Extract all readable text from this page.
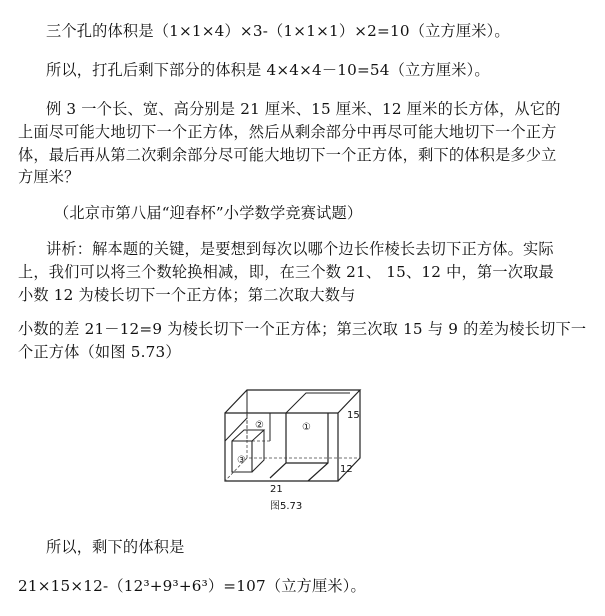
三个孔的体积是（1×1×4）×3-（1×1×1）×2=10（立方厘米）。
所以，打孔后剩下部分的体积是 4×4×4－10=54（立方厘米）。
例 3 一个长、宽、高分别是 21 厘米、15 厘米、12 厘米的长方体，从它的
上面尽可能大地切下一个正方体，然后从剩余部分中再尽可能大地切下一个正方
体，最后再从第二次剩余部分尽可能大地切下一个正方体，剩下的体积是多少立
方厘米？
（北京市第八届“迎春杯”小学数学竞赛试题）
讲析：解本题的关键，是要想到每次以哪个边长作棱长去切下正方体。实际
上，我们可以将三个数轮换相减，即，在三个数 21、 15、12 中，第一次取最
小数 12 为棱长切下一个正方体；第二次取大数与
小数的差 21－12=9 为棱长切下一个正方体；第三次取 15 与 9 的差为棱长切下一
个正方体（如图 5.73）
②	①
③
15
12
21
图5.73
所以，剩下的体积是
21×15×12-（12³+9³+6³）=107（立方厘米）。
